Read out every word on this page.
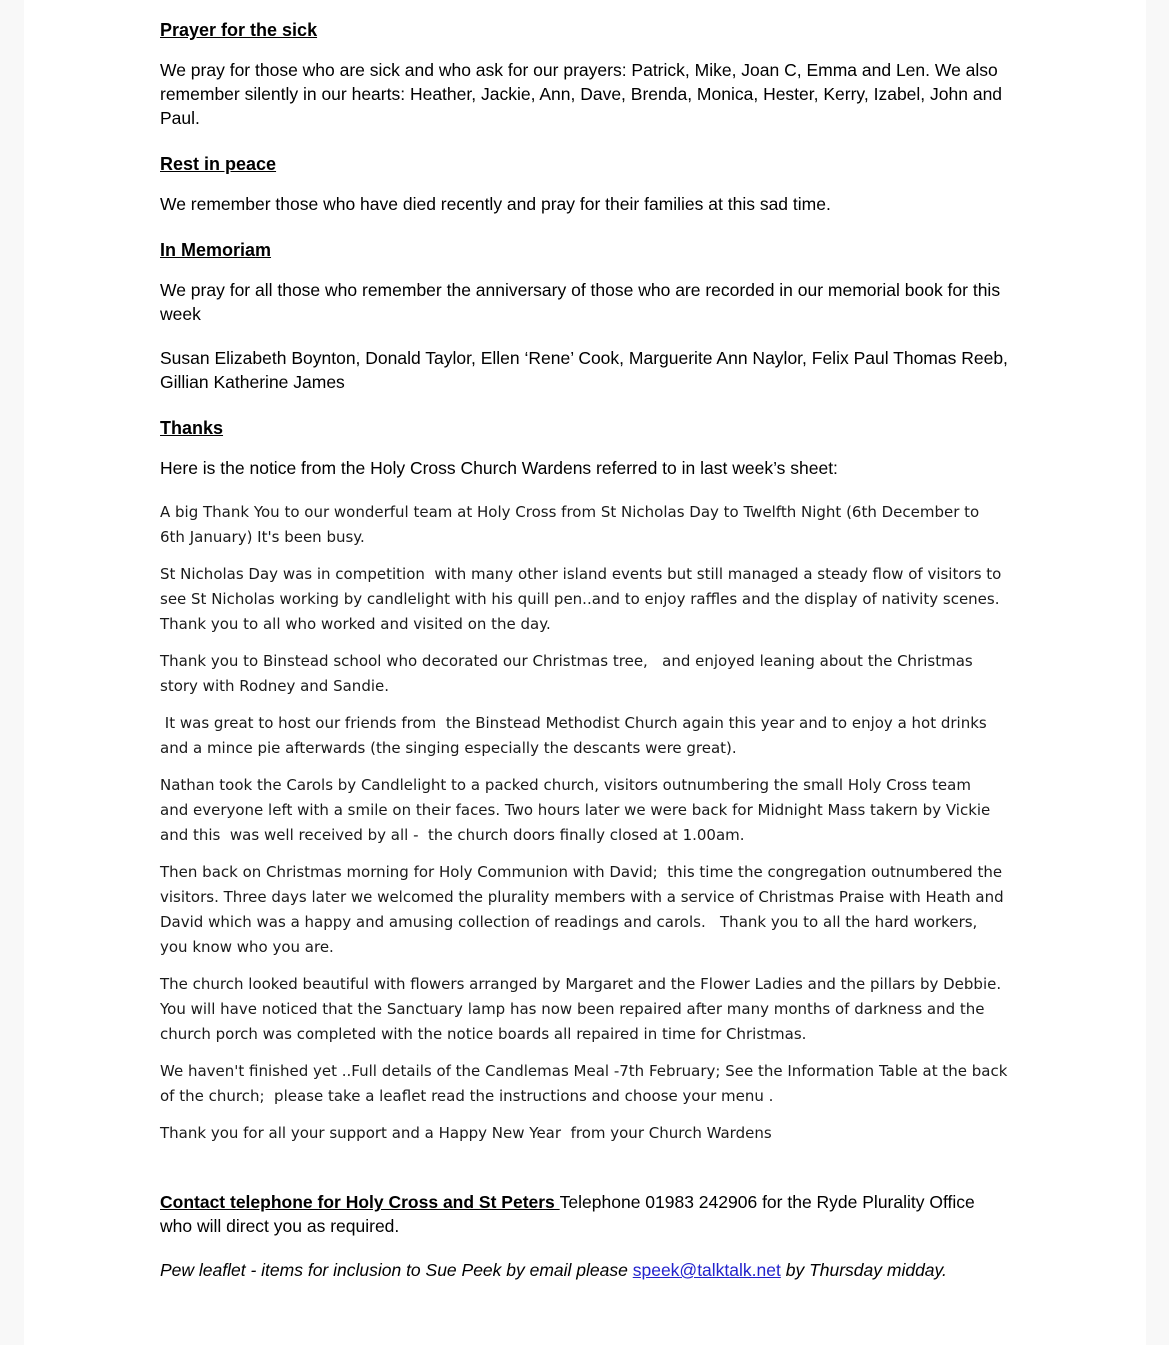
Prayer for the sick

We pray for those who are sick and who ask for our prayers: Patrick, Mike, Joan C, Emma and Len. We also remember silently in our hearts: Heather, Jackie, Ann, Dave, Brenda, Monica, Hester, Kerry, Izabel, John and Paul.

Rest in peace

We remember those who have died recently and pray for their families at this sad time.

In Memoriam

We pray for all those who remember the anniversary of those who are recorded in our memorial book for this week

Susan Elizabeth Boynton, Donald Taylor, Ellen ‘Rene’ Cook, Marguerite Ann Naylor, Felix Paul Thomas Reeb, Gillian Katherine James

Thanks

Here is the notice from the Holy Cross Church Wardens referred to in last week’s sheet:

A big Thank You to our wonderful team at Holy Cross from St Nicholas Day to Twelfth Night (6th December to 6th January) It's been busy.

St Nicholas Day was in competition  with many other island events but still managed a steady flow of visitors to see St Nicholas working by candlelight with his quill pen..and to enjoy raffles and the display of nativity scenes. Thank you to all who worked and visited on the day.

Thank you to Binstead school who decorated our Christmas tree,   and enjoyed leaning about the Christmas story with Rodney and Sandie.

It was great to host our friends from  the Binstead Methodist Church again this year and to enjoy a hot drinks and a mince pie afterwards (the singing especially the descants were great).

Nathan took the Carols by Candlelight to a packed church, visitors outnumbering the small Holy Cross team  and everyone left with a smile on their faces. Two hours later we were back for Midnight Mass takern by Vickie and this  was well received by all -  the church doors finally closed at 1.00am.

Then back on Christmas morning for Holy Communion with David;  this time the congregation outnumbered the visitors. Three days later we welcomed the plurality members with a service of Christmas Praise with Heath and David which was a happy and amusing collection of readings and carols.   Thank you to all the hard workers, you know who you are.

The church looked beautiful with flowers arranged by Margaret and the Flower Ladies and the pillars by Debbie.  You will have noticed that the Sanctuary lamp has now been repaired after many months of darkness and the church porch was completed with the notice boards all repaired in time for Christmas.

We haven't finished yet ..Full details of the Candlemas Meal -7th February; See the Information Table at the back of the church;  please take a leaflet read the instructions and choose your menu .

Thank you for all your support and a Happy New Year  from your Church Wardens

Contact telephone for Holy Cross and St Peters Telephone 01983 242906 for the Ryde Plurality Office who will direct you as required.

Pew leaflet - items for inclusion to Sue Peek by email please speek@talktalk.net by Thursday midday.
